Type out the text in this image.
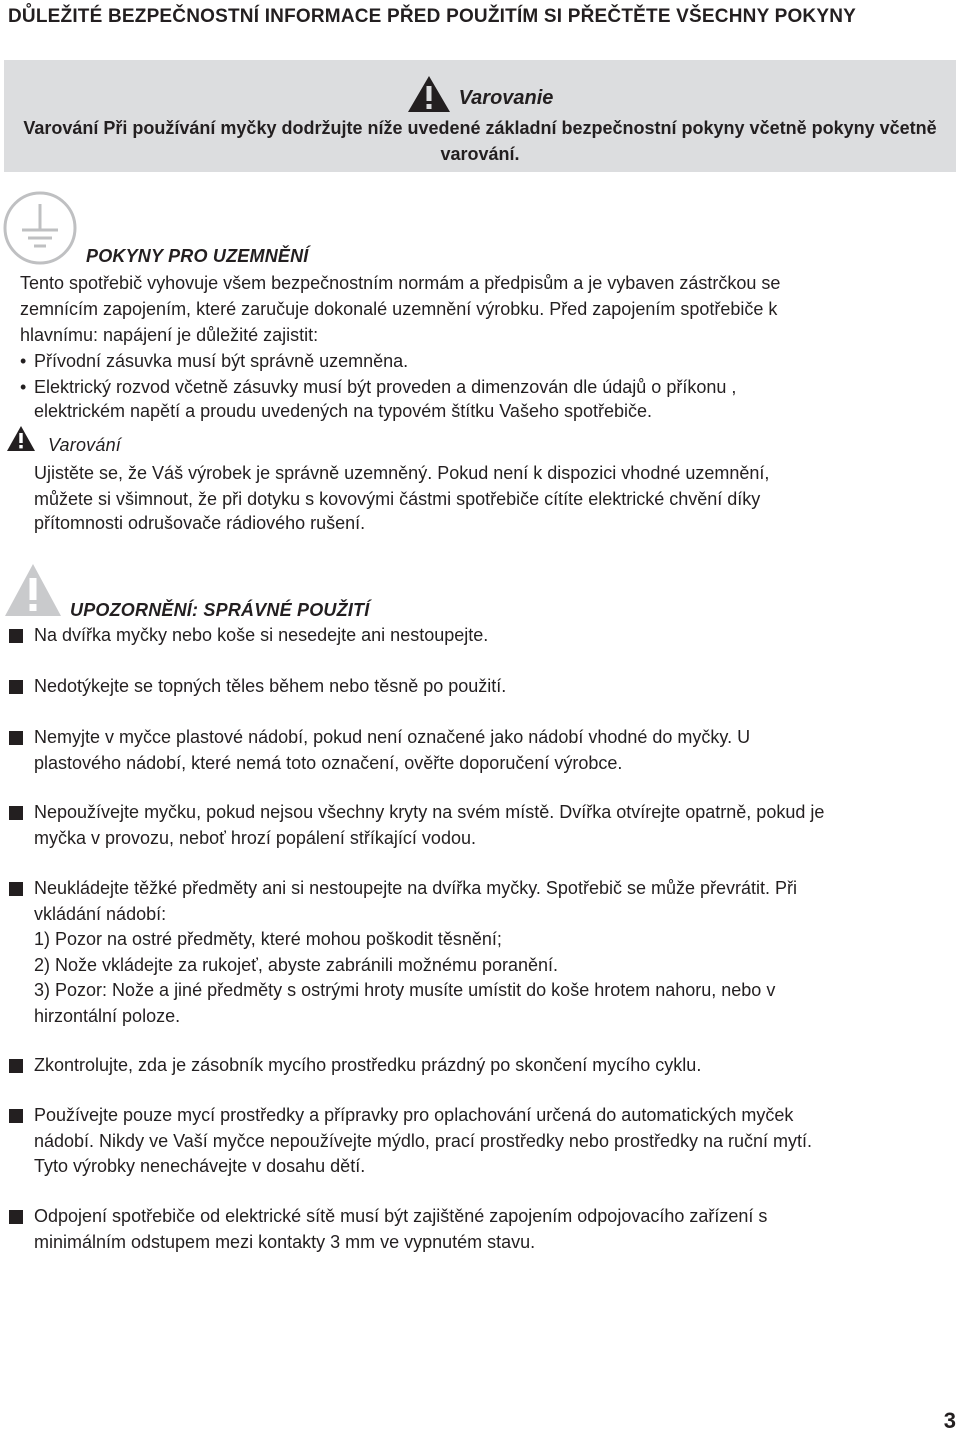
DŮLEŽITÉ BEZPEČNOSTNÍ INFORMACE PŘED POUŽITÍM SI PŘEČTĚTE VŠECHNY POKYNY
Varovanie
Varování Při používání myčky dodržujte níže uvedené základní bezpečnostní pokyny včetně pokyny včetně varování.
POKYNY PRO UZEMNĚNÍ
Tento spotřebič vyhovuje všem bezpečnostním normám a předpisům a je vybaven zástrčkou se
zemnícím zapojením, které zaručuje dokonalé uzemnění výrobku. Před zapojením spotřebiče k
hlavnímu: napájení je důležité zajistit:
• Přívodní zásuvka musí být správně uzemněna.
• Elektrický rozvod včetně zásuvky musí být proveden a dimenzován dle údajů o příkonu ,
elektrickém napětí a proudu uvedených na typovém štítku Vašeho spotřebiče.
Varování
Ujistěte se, že Váš výrobek je správně uzemněný. Pokud není k dispozici vhodné uzemnění,
můžete si všimnout, že při dotyku s kovovými částmi spotřebiče cítíte elektrické chvění díky
přítomnosti odrušovače rádiového rušení.
UPOZORNĚNÍ: SPRÁVNÉ POUŽITÍ
Na dvířka myčky nebo koše si nesedejte ani nestoupejte.
Nedotýkejte se topných těles během nebo těsně po použití.
Nemyjte v myčce plastové nádobí, pokud není označené jako nádobí vhodné do myčky. U
plastového nádobí, které nemá toto označení, ověřte doporučení výrobce.
Nepoužívejte myčku, pokud nejsou všechny kryty na svém místě. Dvířka otvírejte opatrně, pokud je
myčka v provozu, neboť hrozí popálení stříkající vodou.
Neukládejte těžké předměty ani si nestoupejte na dvířka myčky. Spotřebič se může převrátit. Při
vkládání nádobí:
1) Pozor na ostré předměty, které mohou poškodit těsnění;
2) Nože vkládejte za rukojeť, abyste zabránili možnému poranění.
3) Pozor: Nože a jiné předměty s ostrými hroty musíte umístit do koše hrotem nahoru, nebo v
hirzontální poloze.
Zkontrolujte, zda je zásobník mycího prostředku prázdný po skončení mycího cyklu.
Používejte pouze mycí prostředky a přípravky pro oplachování určená do automatických myček
nádobí. Nikdy ve Vaší myčce nepoužívejte mýdlo, prací prostředky nebo prostředky na ruční mytí.
Tyto výrobky nenechávejte v dosahu dětí.
Odpojení spotřebiče od elektrické sítě musí být zajištěné zapojením odpojovacího zařízení s
minimálním odstupem mezi kontakty 3 mm ve vypnutém stavu.
3
